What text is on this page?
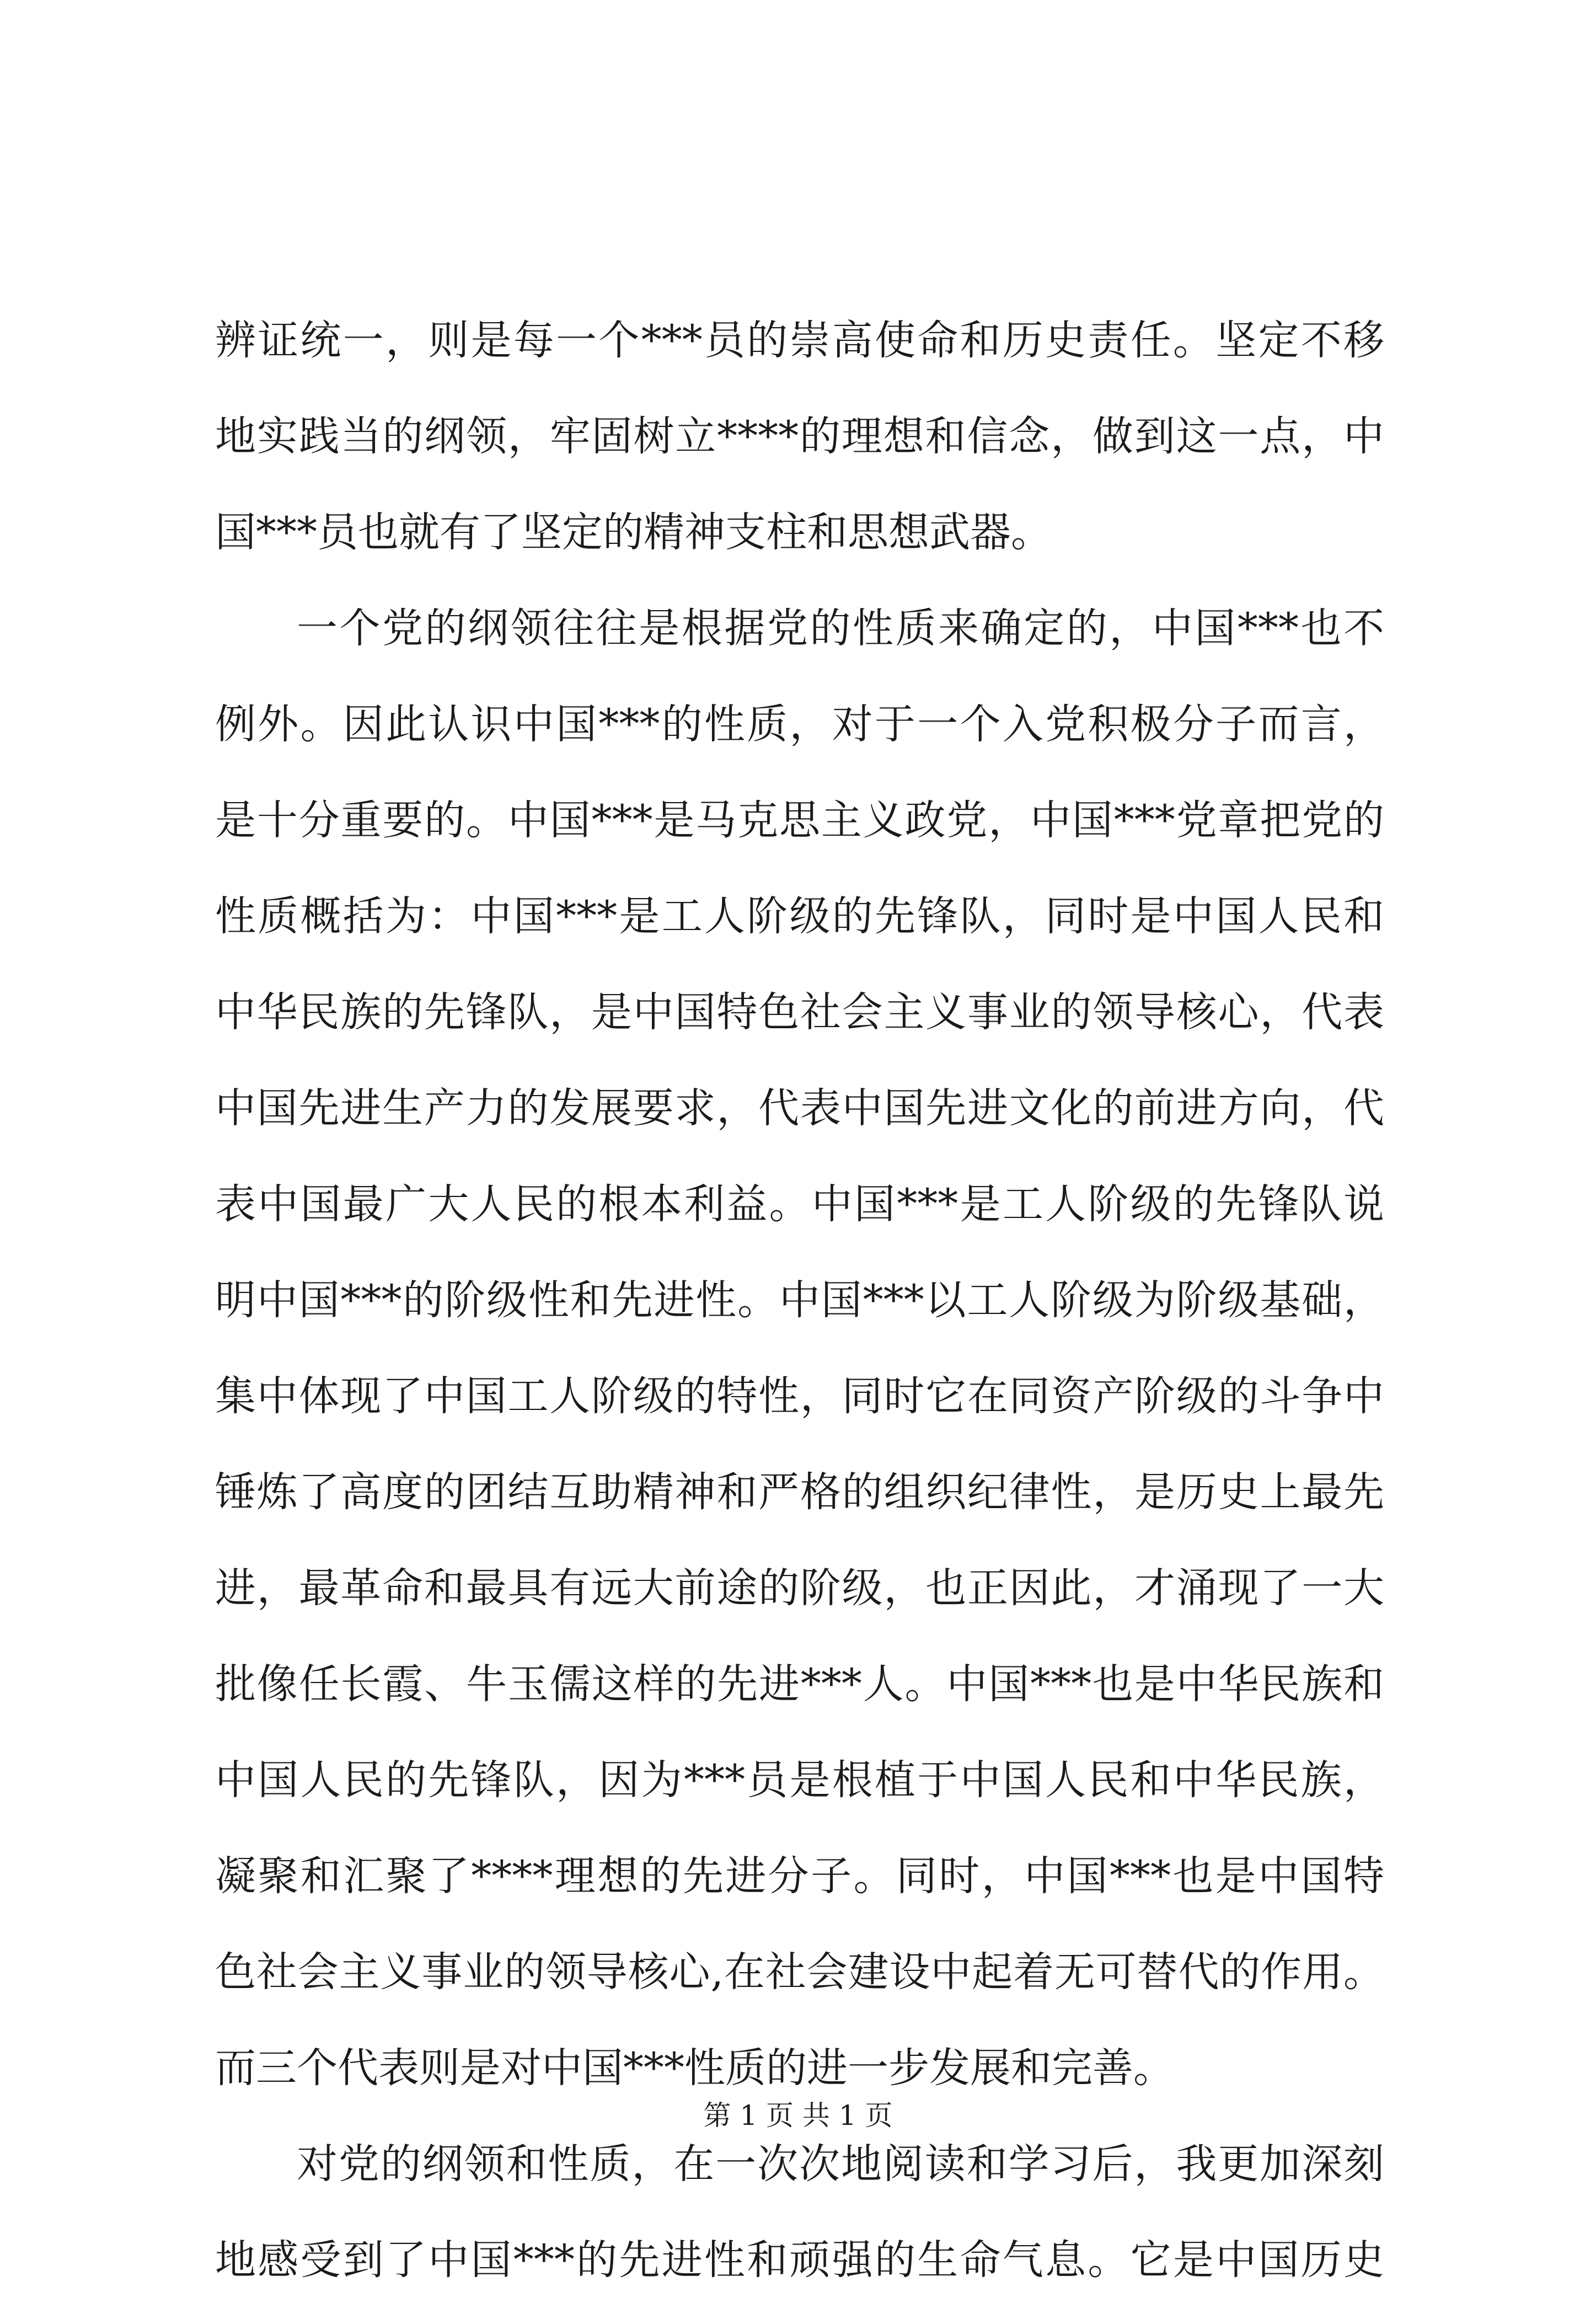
辨证统一，则是每一个***员的崇高使命和历史责任。坚定不移
地实践当的纲领，牢固树立****的理想和信念，做到这一点，中
国***员也就有了坚定的精神支柱和思想武器。
一个党的纲领往往是根据党的性质来确定的，中国***也不
例外。因此认识中国***的性质，对于一个入党积极分子而言，
是十分重要的。中国***是马克思主义政党，中国***党章把党的
性质概括为：中国***是工人阶级的先锋队，同时是中国人民和
中华民族的先锋队，是中国特色社会主义事业的领导核心，代表
中国先进生产力的发展要求，代表中国先进文化的前进方向，代
表中国最广大人民的根本利益。中国***是工人阶级的先锋队说
明中国***的阶级性和先进性。中国***以工人阶级为阶级基础，
集中体现了中国工人阶级的特性，同时它在同资产阶级的斗争中
锤炼了高度的团结互助精神和严格的组织纪律性，是历史上最先
进，最革命和最具有远大前途的阶级，也正因此，才涌现了一大
批像任长霞、牛玉儒这样的先进***人。中国***也是中华民族和
中国人民的先锋队，因为***员是根植于中国人民和中华民族，
凝聚和汇聚了****理想的先进分子。同时，中国***也是中国特
色社会主义事业的领导核心,在社会建设中起着无可替代的作用。
而三个代表则是对中国***性质的进一步发展和完善。
对党的纲领和性质，在一次次地阅读和学习后，我更加深刻
地感受到了中国***的先进性和顽强的生命气息。它是中国历史
第 1 页 共 1 页
